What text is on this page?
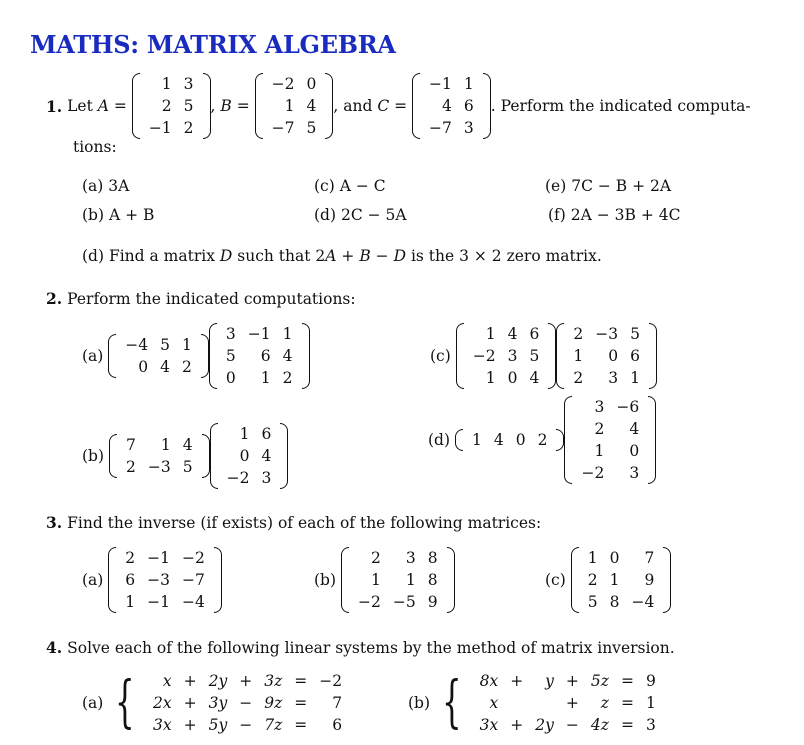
MATHS: MATRIX ALGEBRA
1.
Let
A =
1	3
2	5
−1	2
, B =
−2	0
1	4
−7	5
, and
C =
−1	1
4	6
−7	3
. Perform the indicated computa-
tions:
(a) 3A
(b) A + B
(c) A − C
(d) 2C − 5A
(e) 7C − B + 2A
(f) 2A − 3B + 4C
(d) Find a matrix D such that 2A + B − D is the 3 × 2 zero matrix.
2. Perform the indicated computations:
(a)

−4	5	1
0	4	2
3	−1	1
5	6	4
0	1	2
(c)

1	4	6
−2	3	5
1	0	4
2	−3	5
1	0	6
2	3	1
(b)

7	1	4
2	−3	5
1	6
0	4
−2	3
(d)
1	4	0	2
3	−6
2	4
1	0
−2	3
3. Find the inverse (if exists) of each of the following matrices:
(a)

2	−1	−2
6	−3	−7
1	−1	−4
(b)

2	3	8
1	1	8
−2	−5	9
(c)

1	0	7
2	1	9
5	8	−4
4. Solve each of the following linear systems by the method of matrix inversion.
(a) { x	+	2y	+	3z	=	−2
2x	+	3y	−	9z	=	7
3x	+	5y	−	7z	=	6
(b) { 8x	+	y	+	5z	=	9
x			+	z	=	1
3x	+	2y	−	4z	=	3
